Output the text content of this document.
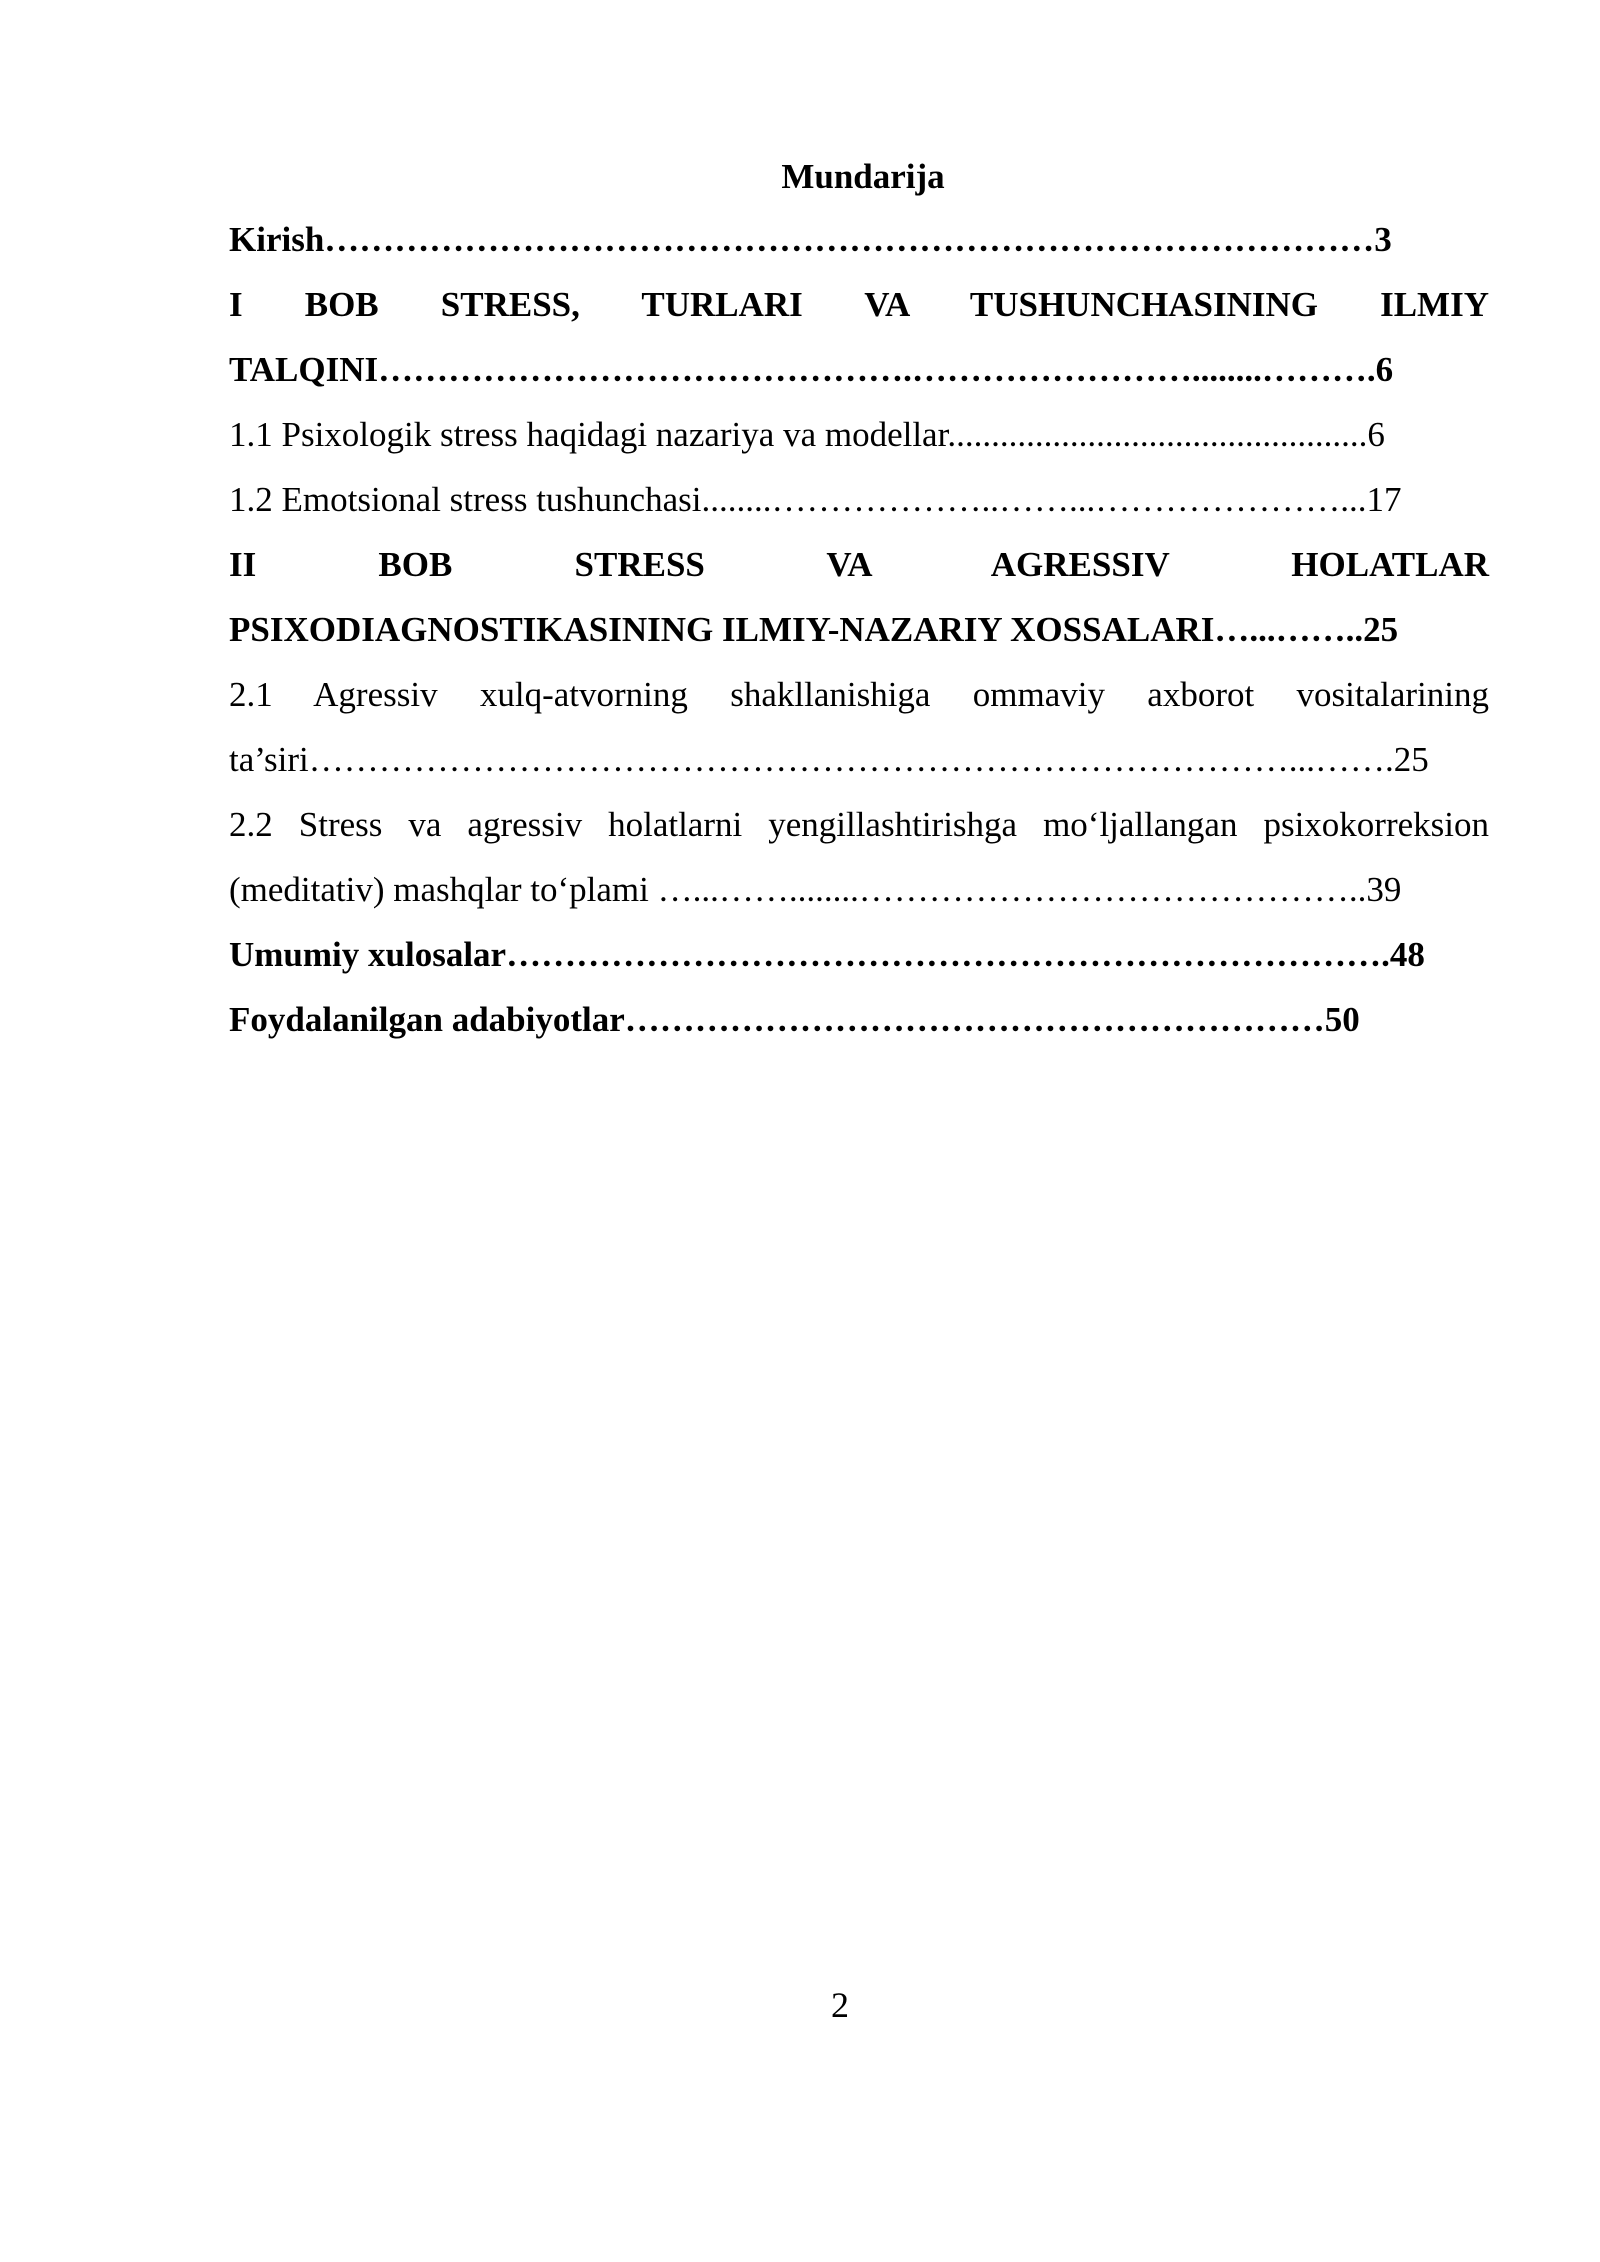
Mundarija

Kirish………………………………………………………………………………3

I BOB STRESS, TURLARI VA TUSHUNCHASINING ILMIY

TALQINI……………………………………….……………………........……….6

1.1 Psixologik stress haqidagi nazariya va modellar................................................6

1.2 Emotsional stress tushunchasi........………………..……...…………………...17

II BOB STRESS VA AGRESSIV HOLATLAR

PSIXODIAGNOSTIKASINING ILMIY-NAZARIY XOSSALARI…...……..25

2.1 Agressiv xulq-atvorning shakllanishiga ommaviy axborot vositalarining

ta’siri…………………………………………………………………………...…….25

2.2 Stress va agressiv holatlarni yengillashtirishga mo‘ljallangan psixokorreksion

(meditativ) mashqlar to‘plami …...……........……………………………………..39

Umumiy xulosalar………………………………………………………………….48

Foydalanilgan adabiyotlar……………………………………………………50

2
